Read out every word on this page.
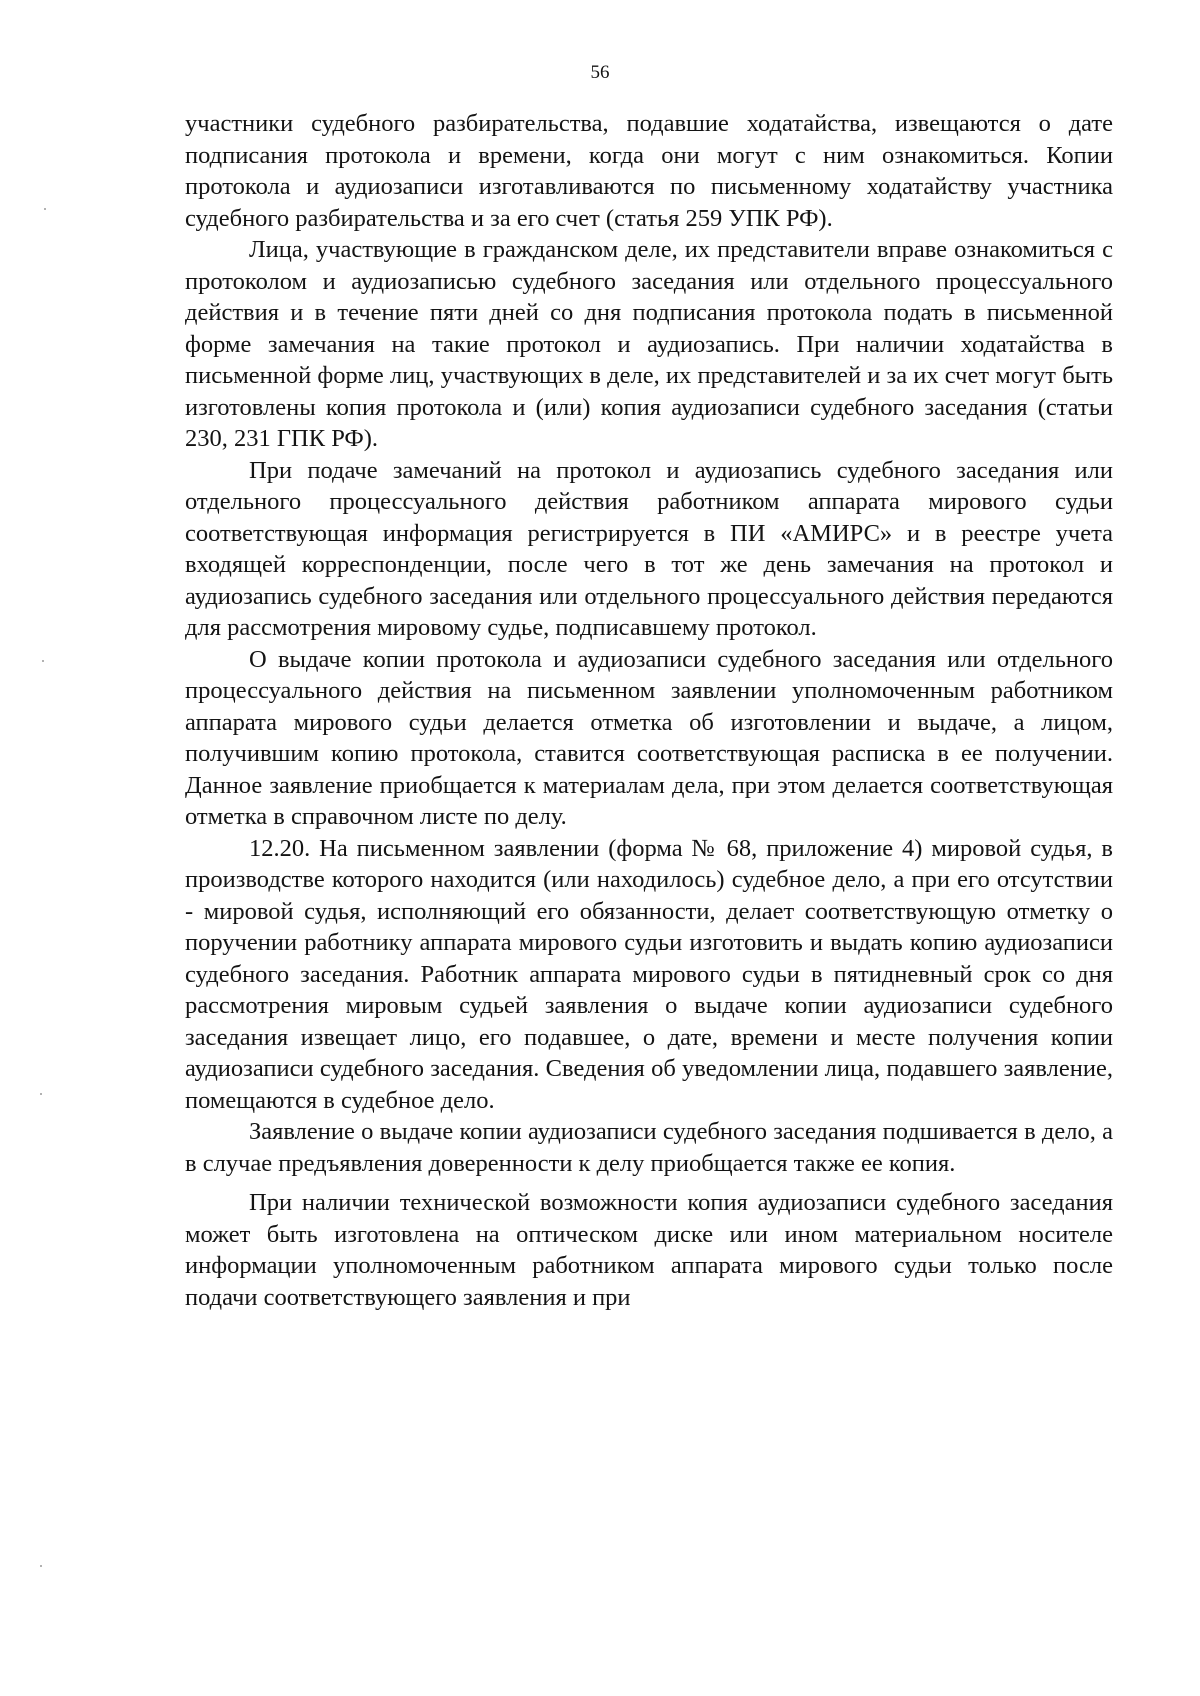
56

участники судебного разбирательства, подавшие ходатайства, извещаются о дате подписания протокола и времени, когда они могут с ним ознакомиться. Копии протокола и аудиозаписи изготавливаются по письменному ходатайству участника судебного разбирательства и за его счет (статья 259 УПК РФ).

Лица, участвующие в гражданском деле, их представители вправе ознакомиться с протоколом и аудиозаписью судебного заседания или отдельного процессуального действия и в течение пяти дней со дня подписания протокола подать в письменной форме замечания на такие протокол и аудиозапись. При наличии ходатайства в письменной форме лиц, участвующих в деле, их представителей и за их счет могут быть изготовлены копия протокола и (или) копия аудиозаписи судебного заседания (статьи 230, 231 ГПК РФ).

При подаче замечаний на протокол и аудиозапись судебного заседания или отдельного процессуального действия работником аппарата мирового судьи соответствующая информация регистрируется в ПИ «АМИРС» и в реестре учета входящей корреспонденции, после чего в тот же день замечания на протокол и аудиозапись судебного заседания или отдельного процессуального действия передаются для рассмотрения мировому судье, подписавшему протокол.

О выдаче копии протокола и аудиозаписи судебного заседания или отдельного процессуального действия на письменном заявлении уполномоченным работником аппарата мирового судьи делается отметка об изготовлении и выдаче, а лицом, получившим копию протокола, ставится соответствующая расписка в ее получении. Данное заявление приобщается к материалам дела, при этом делается соответствующая отметка в справочном листе по делу.

12.20. На письменном заявлении (форма № 68, приложение 4) мировой судья, в производстве которого находится (или находилось) судебное дело, а при его отсутствии - мировой судья, исполняющий его обязанности, делает соответствующую отметку о поручении работнику аппарата мирового судьи изготовить и выдать копию аудиозаписи судебного заседания. Работник аппарата мирового судьи в пятидневный срок со дня рассмотрения мировым судьей заявления о выдаче копии аудиозаписи судебного заседания извещает лицо, его подавшее, о дате, времени и месте получения копии аудиозаписи судебного заседания. Сведения об уведомлении лица, подавшего заявление, помещаются в судебное дело.

Заявление о выдаче копии аудиозаписи судебного заседания подшивается в дело, а в случае предъявления доверенности к делу приобщается также ее копия.

При наличии технической возможности копия аудиозаписи судебного заседания может быть изготовлена на оптическом диске или ином материальном носителе информации уполномоченным работником аппарата мирового судьи только после подачи соответствующего заявления и при
